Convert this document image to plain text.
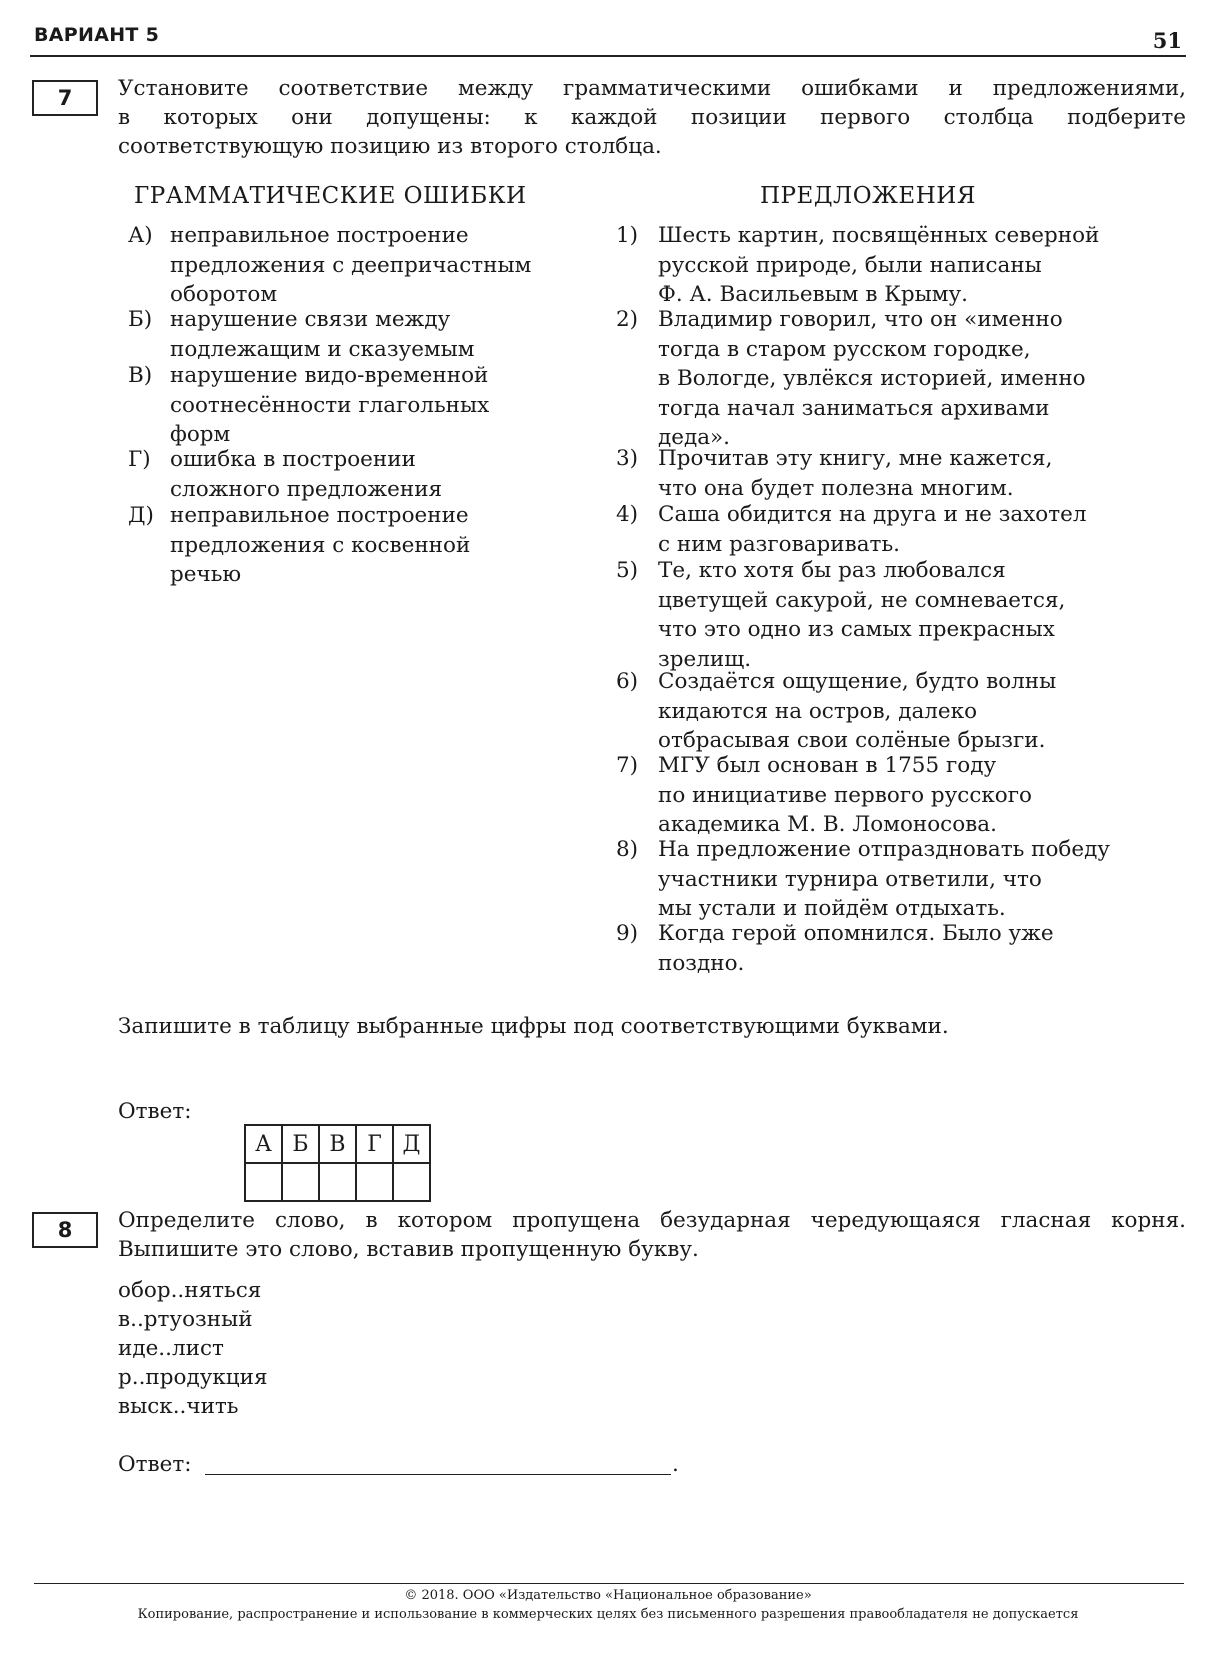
ВАРИАНТ 5	51
7	Установите соответствие между грамматическими ошибками и предложениями,
в которых они допущены: к каждой позиции первого столбца подберите
соответствующую позицию из второго столбца.
ГРАММАТИЧЕСКИЕ ОШИБКИ	ПРЕДЛОЖЕНИЯ
А) неправильное построение
предложения с деепричастным
оборотом
Б) нарушение связи между
подлежащим и сказуемым
В) нарушение видо-временной
соотнесённости глагольных
форм
Г) ошибка в построении
сложного предложения
Д) неправильное построение
предложения с косвенной
речью
1) Шесть картин, посвящённых северной
русской природе, были написаны
Ф. А. Васильевым в Крыму.
2) Владимир говорил, что он «именно
тогда в старом русском городке,
в Вологде, увлёкся историей, именно
тогда начал заниматься архивами
деда».
3) Прочитав эту книгу, мне кажется,
что она будет полезна многим.
4) Саша обидится на друга и не захотел
с ним разговаривать.
5) Те, кто хотя бы раз любовался
цветущей сакурой, не сомневается,
что это одно из самых прекрасных
зрелищ.
6) Создаётся ощущение, будто волны
кидаются на остров, далеко
отбрасывая свои солёные брызги.
7) МГУ был основан в 1755 году
по инициативе первого русского
академика М. В. Ломоносова.
8) На предложение отпраздновать победу
участники турнира ответили, что
мы устали и пойдём отдыхать.
9) Когда герой опомнился. Было уже
поздно.
Запишите в таблицу выбранные цифры под соответствующими буквами.
Ответ:
А	Б	В	Г	Д

8	Определите слово, в котором пропущена безударная чередующаяся гласная корня.
Выпишите это слово, вставив пропущенную букву.
обор..няться
в..ртуозный
иде..лист
р..продукция
выск..чить
Ответ:	.
© 2018. ООО «Издательство «Национальное образование»
Копирование, распространение и использование в коммерческих целях без письменного разрешения правообладателя не допускается
